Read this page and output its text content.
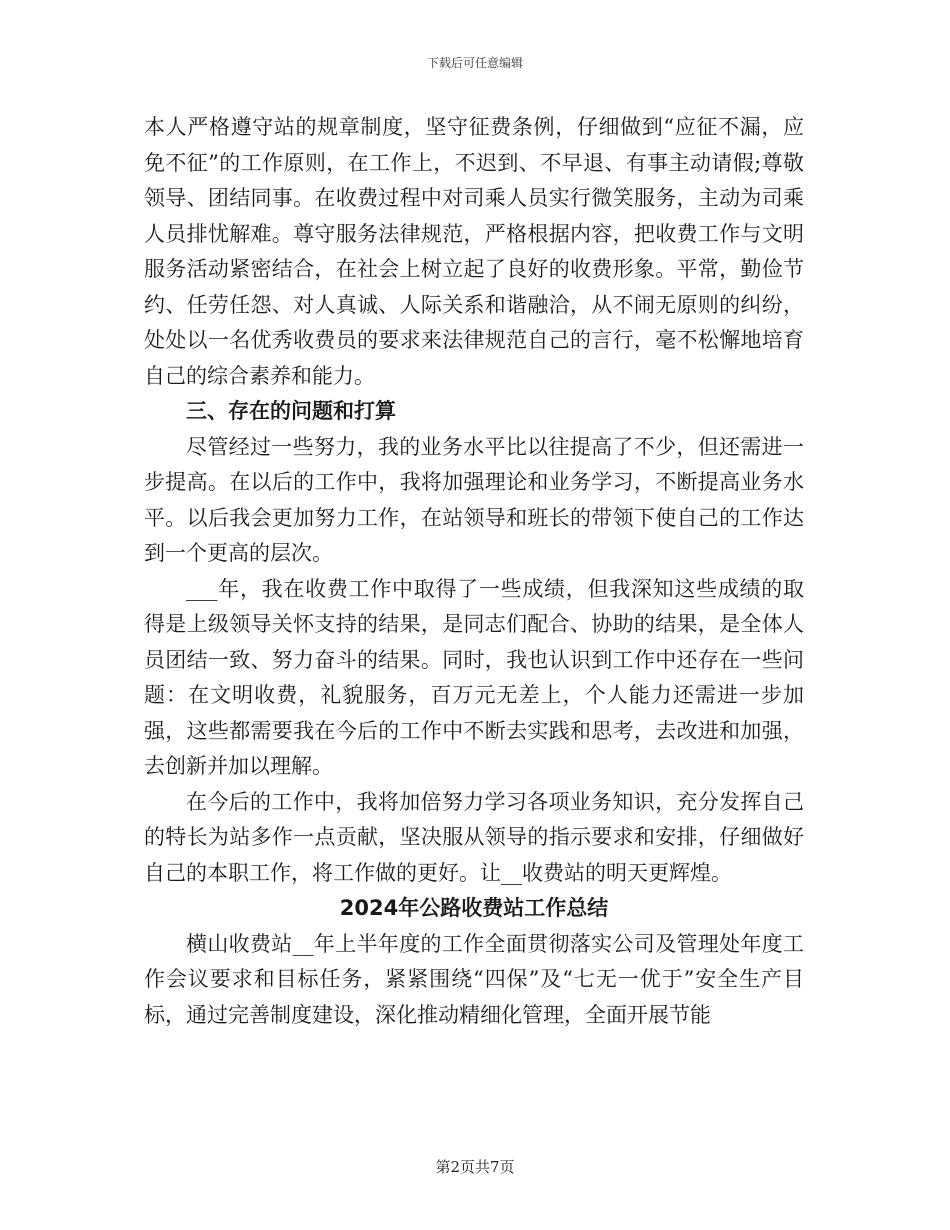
下载后可任意编辑

本人严格遵守站的规章制度，坚守征费条例，仔细做到“应征不漏，应免不征”的工作原则，在工作上，不迟到、不早退、有事主动请假;尊敬领导、团结同事。在收费过程中对司乘人员实行微笑服务，主动为司乘人员排忧解难。尊守服务法律规范，严格根据内容，把收费工作与文明服务活动紧密结合，在社会上树立起了良好的收费形象。平常，勤俭节约、任劳任怨、对人真诚、人际关系和谐融洽，从不闹无原则的纠纷，处处以一名优秀收费员的要求来法律规范自己的言行，毫不松懈地培育自己的综合素养和能力。

三、存在的问题和打算

尽管经过一些努力，我的业务水平比以往提高了不少，但还需进一步提高。在以后的工作中，我将加强理论和业务学习，不断提高业务水平。以后我会更加努力工作，在站领导和班长的带领下使自己的工作达到一个更高的层次。

___年，我在收费工作中取得了一些成绩，但我深知这些成绩的取得是上级领导关怀支持的结果，是同志们配合、协助的结果，是全体人员团结一致、努力奋斗的结果。同时，我也认识到工作中还存在一些问题：在文明收费，礼貌服务，百万元无差上，个人能力还需进一步加强，这些都需要我在今后的工作中不断去实践和思考，去改进和加强，去创新并加以理解。

在今后的工作中，我将加倍努力学习各项业务知识，充分发挥自己的特长为站多作一点贡献，坚决服从领导的指示要求和安排，仔细做好自己的本职工作，将工作做的更好。让__收费站的明天更辉煌。

2024年公路收费站工作总结

横山收费站__年上半年度的工作全面贯彻落实公司及管理处年度工作会议要求和目标任务，紧紧围绕“四保”及“七无一优于”安全生产目标，通过完善制度建设，深化推动精细化管理，全面开展节能

第2页共7页
